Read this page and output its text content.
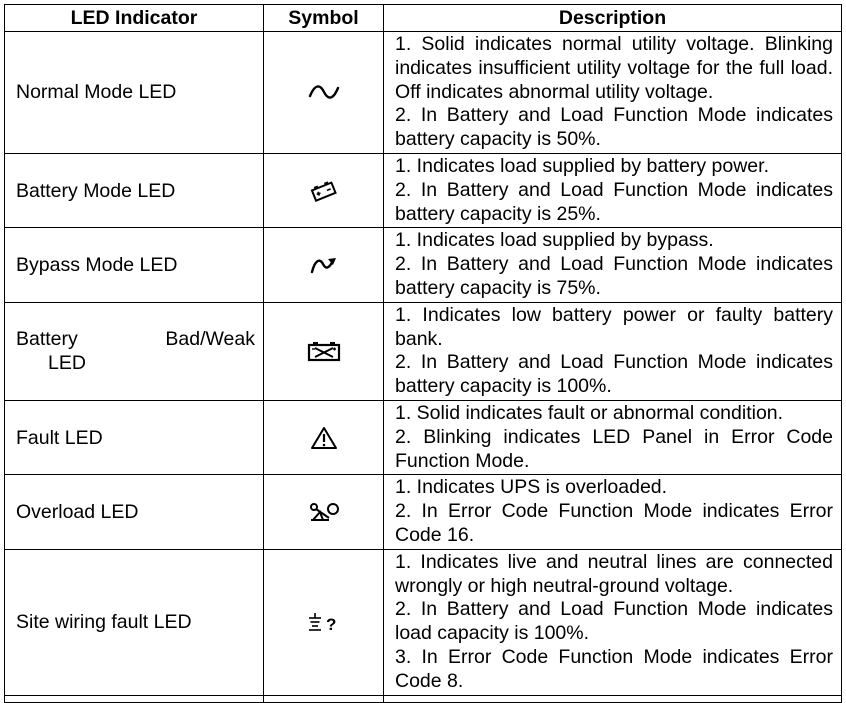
LED Indicator	Symbol	Description
Normal Mode LED		1. Solid indicates normal utility voltage. Blinking indicates insufficient utility voltage for the full load. Off indicates abnormal utility voltage.
2. In Battery and Load Function Mode indicates battery capacity is 50%.

Battery Mode LED		1. Indicates load supplied by battery power.
2. In Battery and Load Function Mode indicates battery capacity is 25%.

Bypass Mode LED		1. Indicates load supplied by bypass.
2. In Battery and Load Function Mode indicates battery capacity is 75%.

Battery Bad/Weak
LED		1. Indicates low battery power or faulty battery bank.
2. In Battery and Load Function Mode indicates battery capacity is 100%.

Fault LED		1. Solid indicates fault or abnormal condition.
2. Blinking indicates LED Panel in Error Code Function Mode.

Overload LED		1. Indicates UPS is overloaded.
2. In Error Code Function Mode indicates Error Code 16.

Site wiring fault LED	?	1. Indicates live and neutral lines are connected wrongly or high neutral-ground voltage.
2. In Battery and Load Function Mode indicates load capacity is 100%.
3. In Error Code Function Mode indicates Error Code 8.
